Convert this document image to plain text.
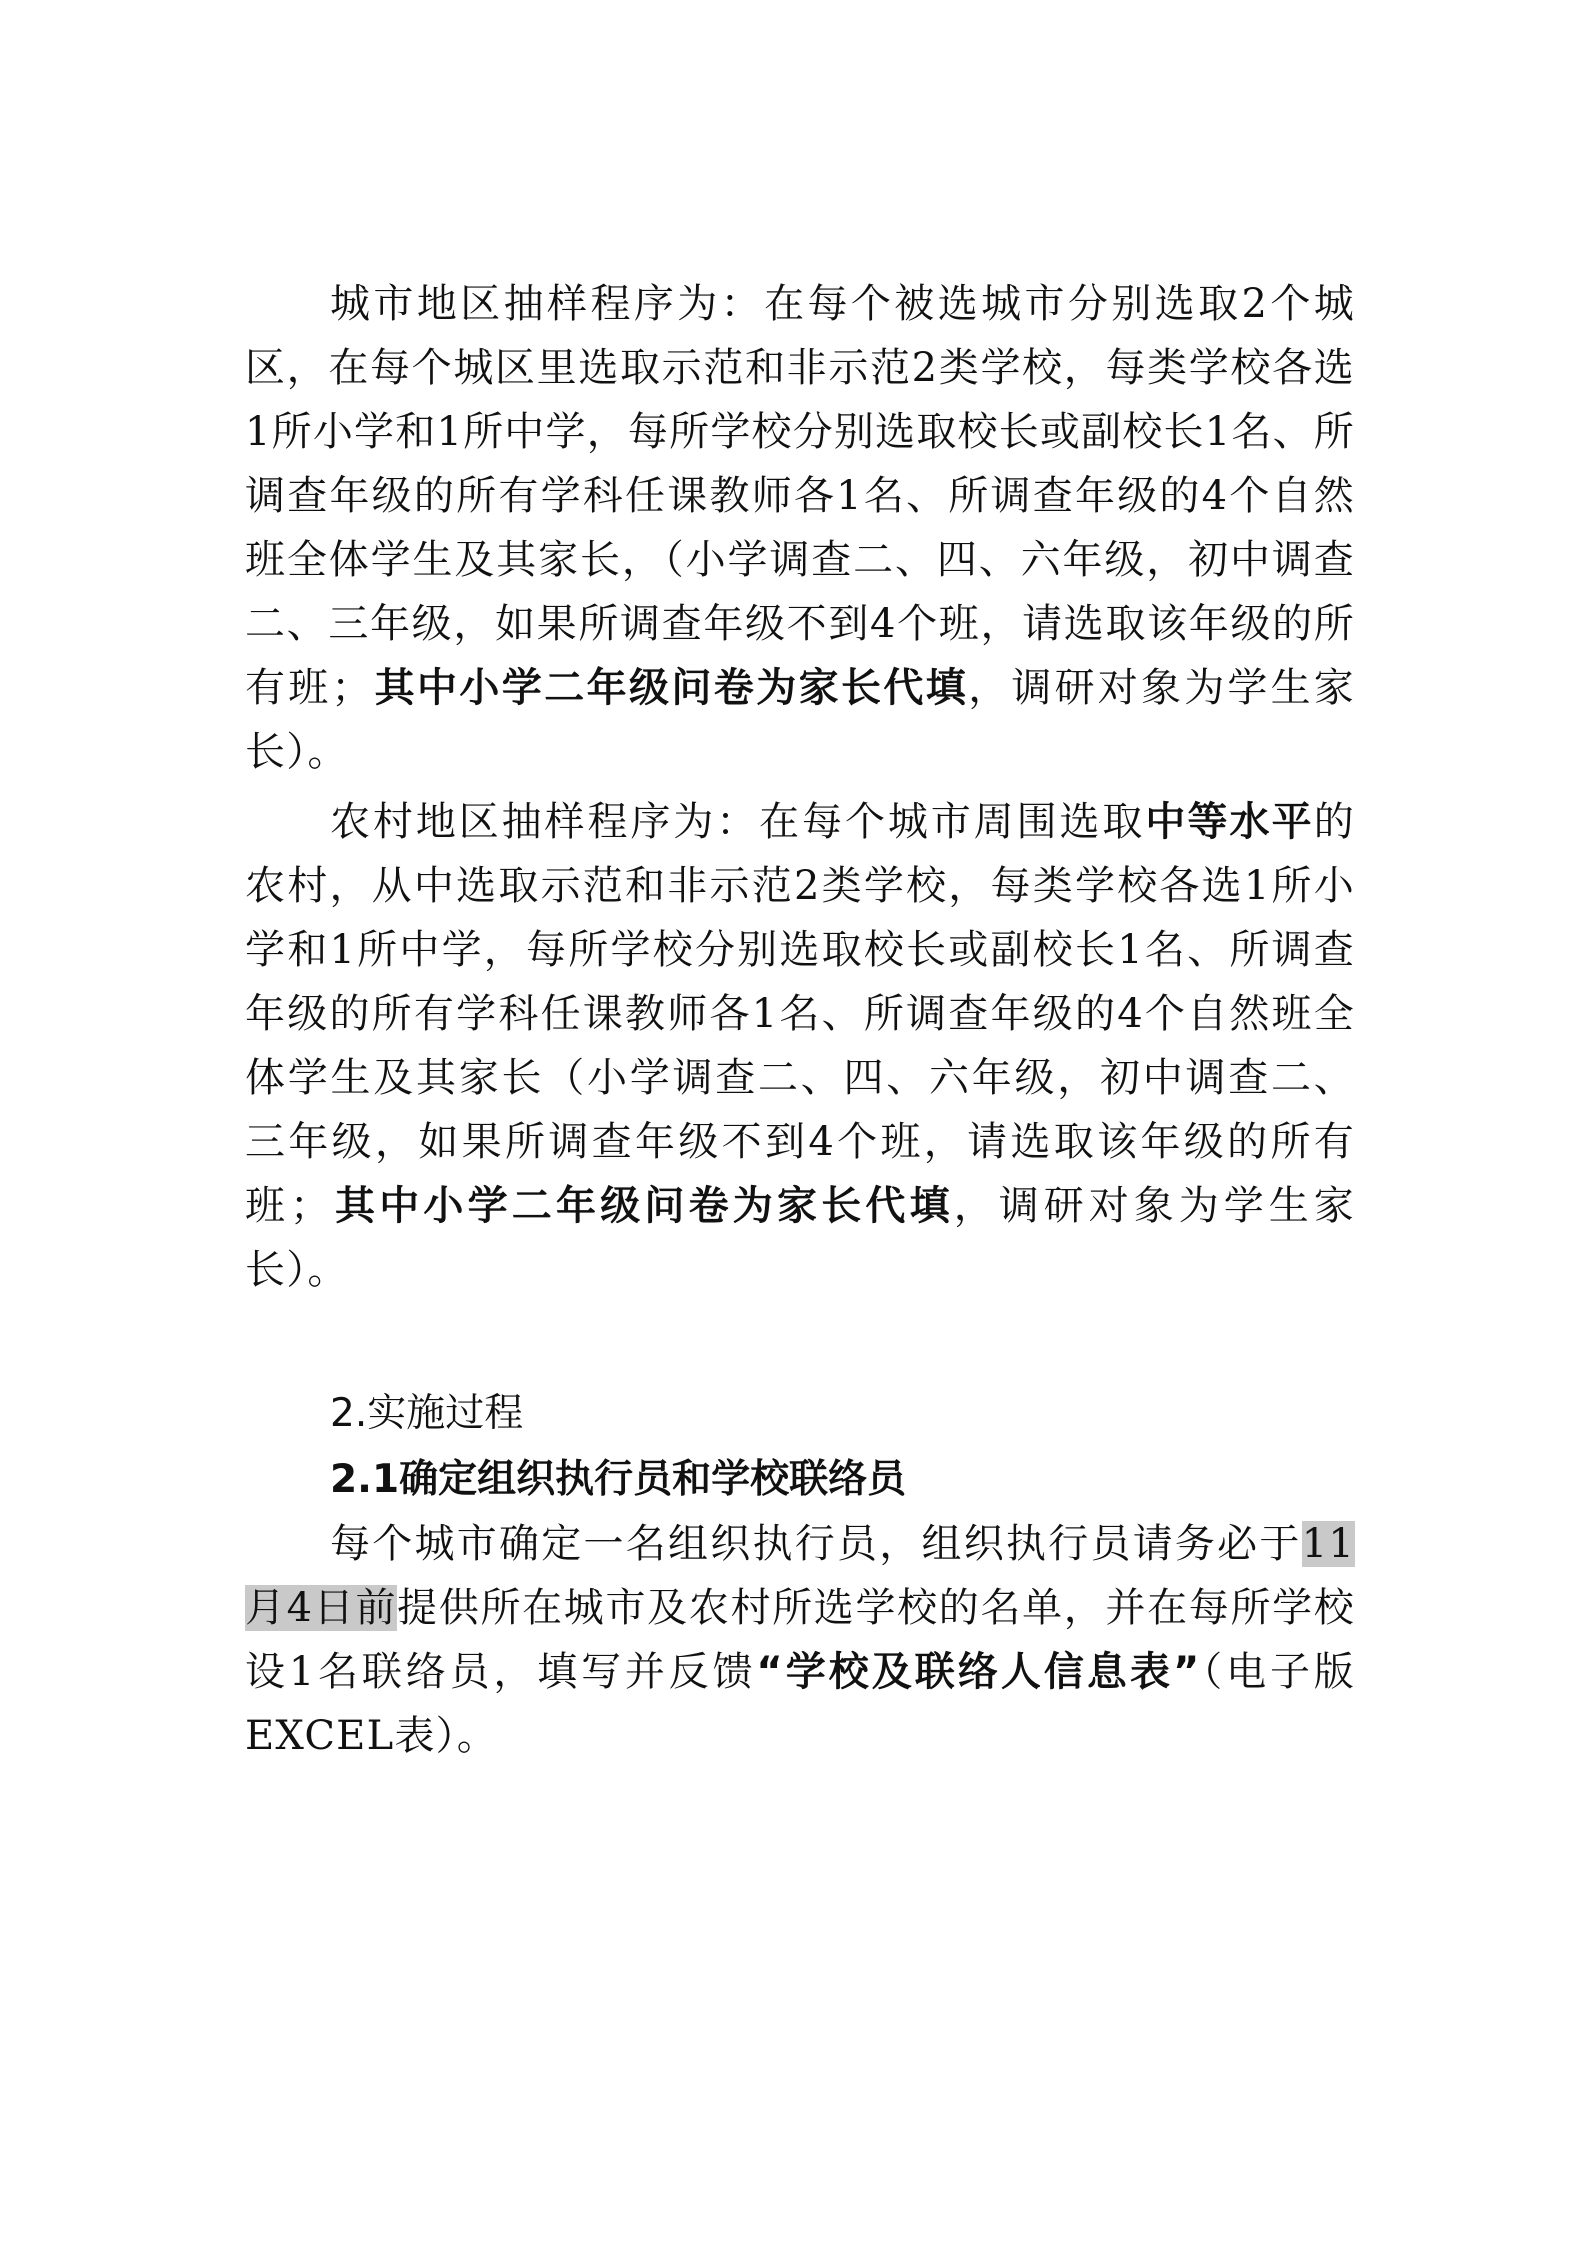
城市地区抽样程序为：在每个被选城市分别选取2个城区，在每个城区里选取示范和非示范2类学校，每类学校各选1所小学和1所中学，每所学校分别选取校长或副校长1名、所调查年级的所有学科任课教师各1名、所调查年级的4个自然班全体学生及其家长，（小学调查二、四、六年级，初中调查二、三年级，如果所调查年级不到4个班，请选取该年级的所有班；其中小学二年级问卷为家长代填，调研对象为学生家长）。

农村地区抽样程序为：在每个城市周围选取中等水平的农村，从中选取示范和非示范2类学校，每类学校各选1所小学和1所中学，每所学校分别选取校长或副校长1名、所调查年级的所有学科任课教师各1名、所调查年级的4个自然班全体学生及其家长（小学调查二、四、六年级，初中调查二、三年级，如果所调查年级不到4个班，请选取该年级的所有班；其中小学二年级问卷为家长代填，调研对象为学生家长）。

2.实施过程
2.1确定组织执行员和学校联络员

每个城市确定一名组织执行员，组织执行员请务必于11月4日前提供所在城市及农村所选学校的名单，并在每所学校设1名联络员，填写并反馈“学校及联络人信息表”（电子版EXCEL表）。
